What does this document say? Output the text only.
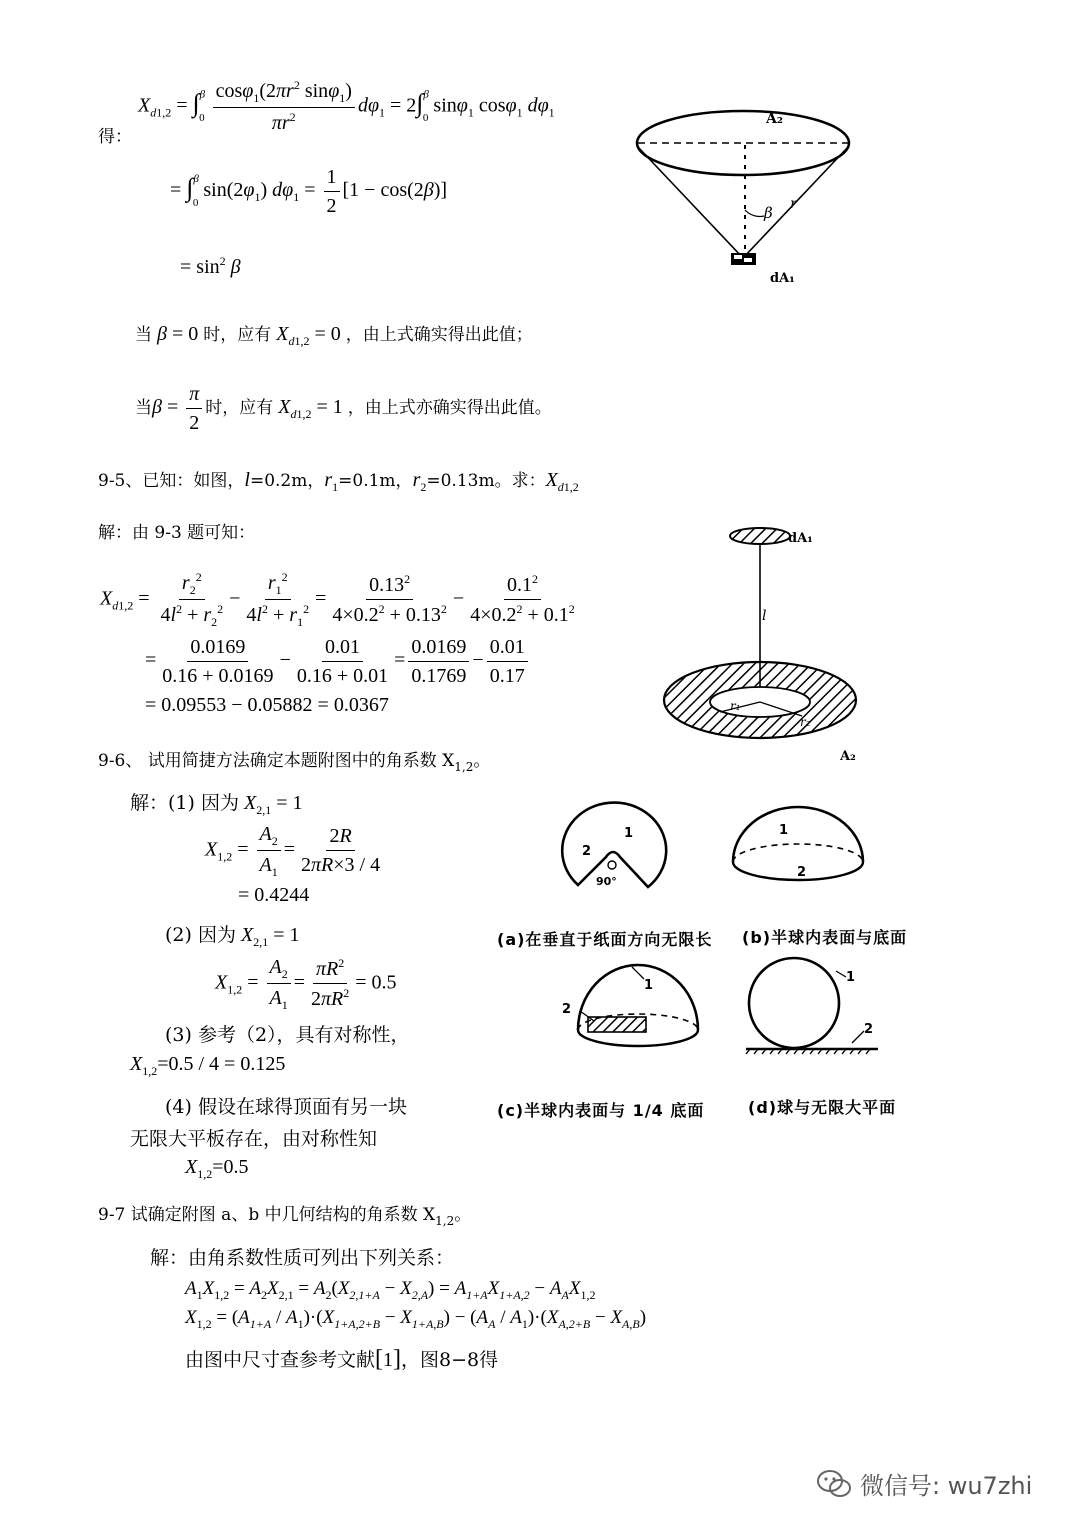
得：
$X_{d1,2} = \int^\beta_0 \frac{\cos\varphi_1(2\pi r^2 \sin\varphi_1)}{\pi r^2} d\varphi_1 = 2\int^\beta_0$ sinφ$_1$ cosφ$_1$ $d\varphi_1$
= ∫$^\beta_0$ $\sin(2\varphi_1) d\varphi_1 = \frac{1}{2} [1 - \cos(2\beta)]$
= $\sin^2 \beta$
当 β = 0 时，应有 $X_{d1,2} = 0$ ，由上式确实得出此值；
当$\beta = \frac{\pi}{2}$ 时，应有 $X_{d1,2} = 1$ ，由上式亦确实得出此值。
A₂
β r
dA₁
9-5、已知：如图，l=0.2m，$r_1=0.1m$，$r_2=0.13m$。求：$X_{d1,2}$
解：由 9-3 题可知：
$X_{d1,2} = \frac{r_2^2}{4l^2 + r_2^2} - \frac{r_1^2}{4l^2 + r_1^2} = \frac{0.13^2}{4\times 0.2^2 + 0.13^2} - \frac{0.1^2}{4\times 0.2^2 + 0.1^2}$
= $\frac{0.0169}{0.16 + 0.0169} - \frac{0.01}{0.16 + 0.01} = \frac{0.0169}{0.1769} - \frac{0.01}{0.17}$
= 0.09553 − 0.05882 = 0.0367
dA₁
l
r₁
r₂
A₂
9-6、 试用简捷方法确定本题附图中的角系数 $X_{1,2}$。
解：(1) 因为 $X_{2,1} = 1$
$X_{1,2} = \frac{A_2}{A_1} = \frac{2R}{2\pi R\times 3 / 4}$
= 0.4244
(2) 因为 $X_{2,1} = 1$
$X_{1,2} = \frac{A_2}{A_1} = \frac{\pi R^2}{2\pi R^2} = 0.5$
(3) 参考（2），具有对称性，
$X_{1,2}=0.5 / 4 = 0.125$
(4) 假设在球得顶面有另一块
无限大平板存在，由对称性知
$X_{1,2}=0.5$
1
2
90°
1
2
(a)在垂直于纸面方向无限长 (b)半球内表面与底面
1
2
1
2
(c)半球内表面与 1/4 底面	(d)球与无限大平面
9-7 试确定附图 a、b 中几何结构的角系数 $X_{1,2}$。
解：由角系数性质可列出下列关系：
$A_1X_{1,2} = A_2X_{2,1} = A_2(X_{2,1+A} - X_{2,A}) = A_{1+A}X_{1+A,2} - A_AX_{1,2}$
$X_{1,2} = (A_{1+A} / A_1)\cdot(X_{1+A,2+B} - X_{1+A,B}) - (A_A / A_1)\cdot(X_{A,2+B} - X_{A,B})$
由图中尺寸查参考文献[1]，图8−8得
微信号: wu7zhi
